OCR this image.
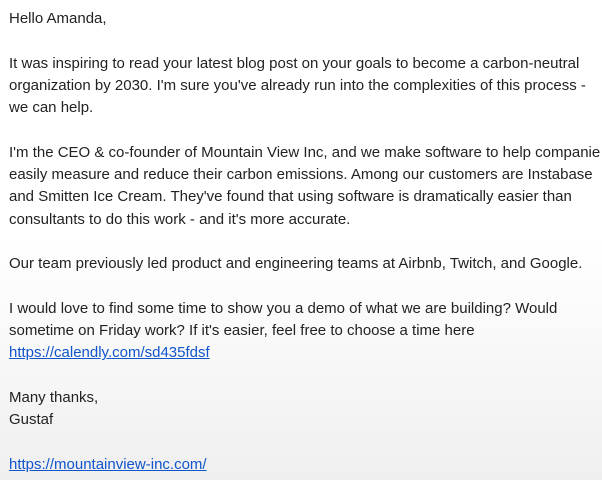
Hello Amanda,
It was inspiring to read your latest blog post on your goals to become a carbon-neutral
organization by 2030. I'm sure you've already run into the complexities of this process -
we can help.
I'm the CEO & co-founder of Mountain View Inc, and we make software to help companie
easily measure and reduce their carbon emissions. Among our customers are Instabase
and Smitten Ice Cream. They've found that using software is dramatically easier than
consultants to do this work - and it's more accurate.
Our team previously led product and engineering teams at Airbnb, Twitch, and Google.
I would love to find some time to show you a demo of what we are building? Would
sometime on Friday work? If it's easier, feel free to choose a time here
https://calendly.com/sd435fdsf
Many thanks,
Gustaf
https://mountainview-inc.com/
